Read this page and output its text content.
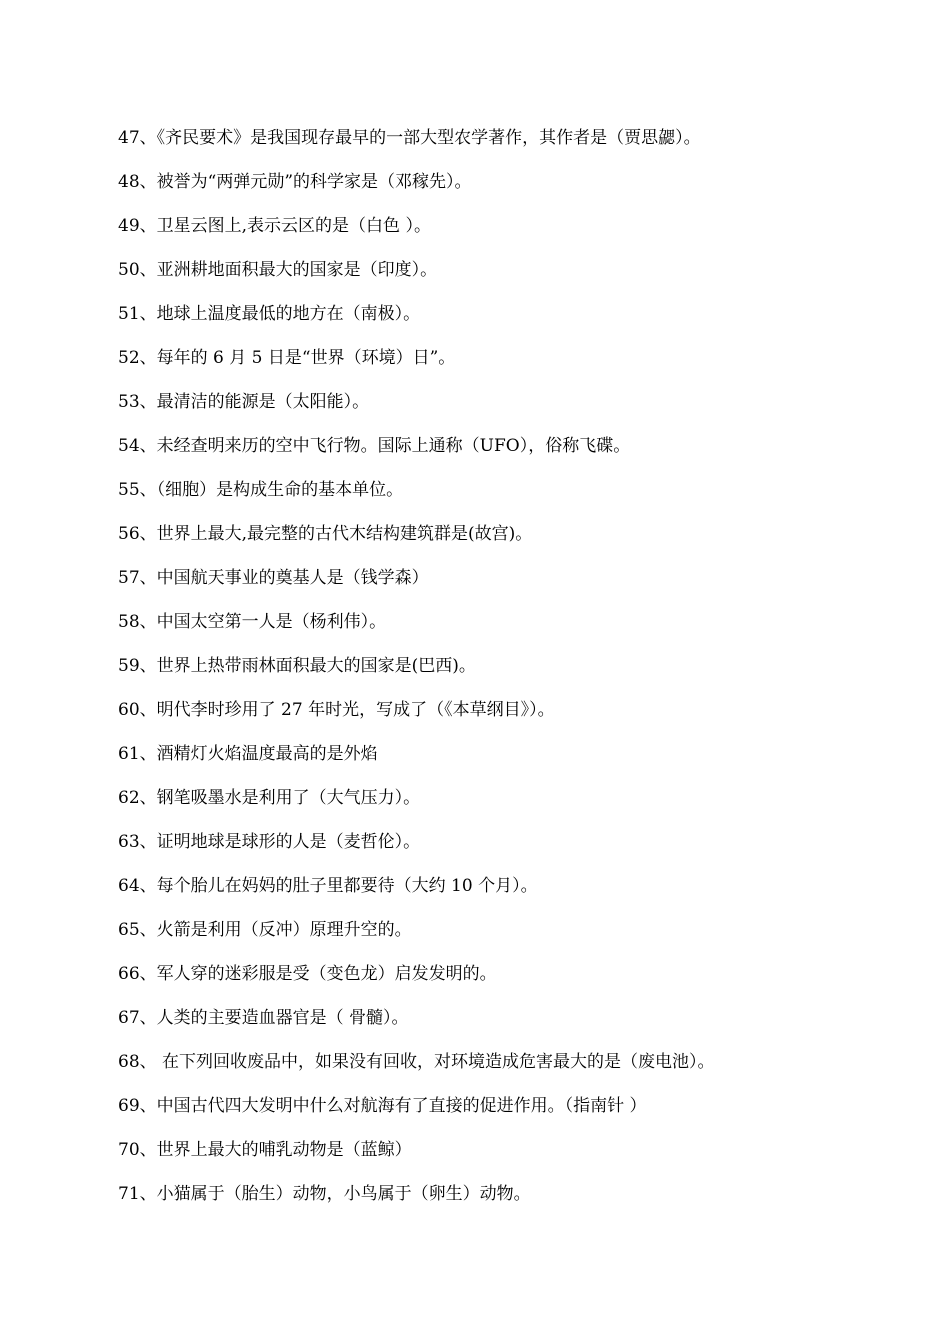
47、《齐民要术》是我国现存最早的一部大型农学著作，其作者是（贾思勰）。
48、被誉为“两弹元勋”的科学家是（邓稼先）。
49、卫星云图上,表示云区的是（白色 ）。
50、亚洲耕地面积最大的国家是（印度）。
51、地球上温度最低的地方在（南极）。
52、每年的 6 月 5 日是“世界（环境）日”。
53、最清洁的能源是（太阳能）。
54、未经查明来历的空中飞行物。国际上通称（UFO），俗称飞碟。
55、（细胞）是构成生命的基本单位。
56、世界上最大,最完整的古代木结构建筑群是(故宫)。
57、中国航天事业的奠基人是（钱学森）
58、中国太空第一人是（杨利伟）。
59、世界上热带雨林面积最大的国家是(巴西)。
60、明代李时珍用了 27 年时光，写成了（《本草纲目》）。
61、酒精灯火焰温度最高的是外焰
62、钢笔吸墨水是利用了（大气压力）。
63、证明地球是球形的人是（麦哲伦）。
64、每个胎儿在妈妈的肚子里都要待（大约 10 个月）。
65、火箭是利用（反冲）原理升空的。
66、军人穿的迷彩服是受（变色龙）启发发明的。
67、人类的主要造血器官是（ 骨髓）。
68、 在下列回收废品中，如果没有回收，对环境造成危害最大的是（废电池）。
69、中国古代四大发明中什么对航海有了直接的促进作用。（指南针 ）
70、世界上最大的哺乳动物是（蓝鲸）
71、小猫属于（胎生）动物，小鸟属于（卵生）动物。
